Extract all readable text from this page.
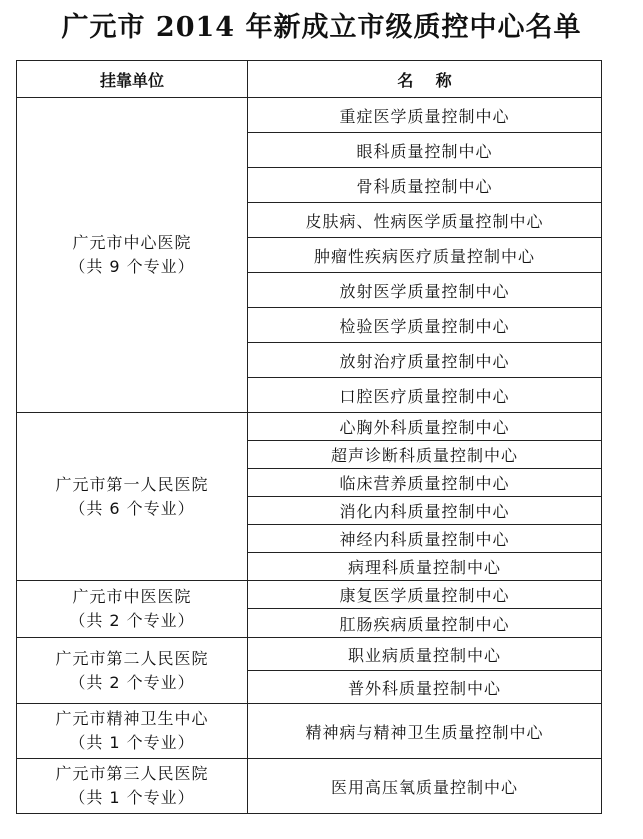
广元市 2014 年新成立市级质控中心名单
挂靠单位	名    称

广元市中心医院
（共 9 个专业）	重症医学质量控制中心
	眼科质量控制中心
	骨科质量控制中心
	皮肤病、性病医学质量控制中心
	肿瘤性疾病医疗质量控制中心
	放射医学质量控制中心
	检验医学质量控制中心
	放射治疗质量控制中心
	口腔医疗质量控制中心

广元市第一人民医院
（共 6 个专业）	心胸外科质量控制中心
	超声诊断科质量控制中心
	临床营养质量控制中心
	消化内科质量控制中心
	神经内科质量控制中心
	病理科质量控制中心

广元市中医医院
（共 2 个专业）	康复医学质量控制中心
	肛肠疾病质量控制中心

广元市第二人民医院
（共 2 个专业）	职业病质量控制中心
	普外科质量控制中心

广元市精神卫生中心
（共 1 个专业）	精神病与精神卫生质量控制中心

广元市第三人民医院
（共 1 个专业）	医用高压氧质量控制中心
